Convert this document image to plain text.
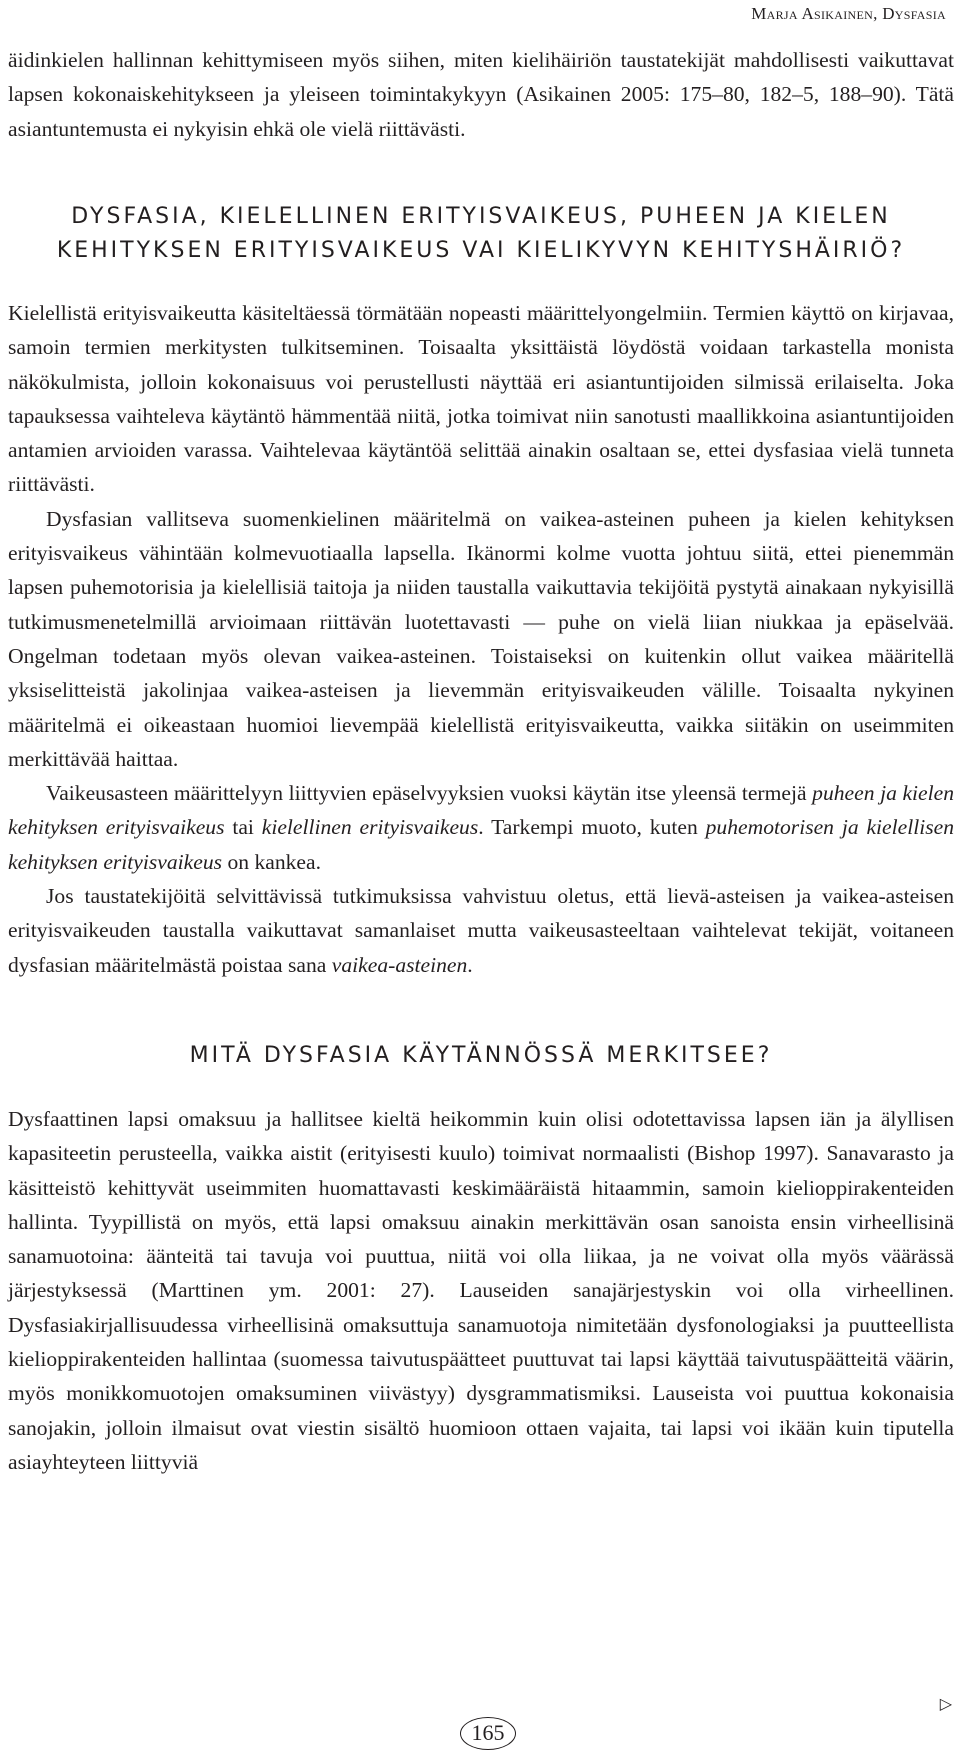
Marja Asikainen, Dysfasia

äidinkielen hallinnan kehittymiseen myös siihen, miten kielihäiriön taustatekijät mahdollisesti vaikuttavat lapsen kokonaiskehitykseen ja yleiseen toimintakykyyn (Asikainen 2005: 175–80, 182–5, 188–90). Tätä asiantuntemusta ei nykyisin ehkä ole vielä riittävästi.

DYSFASIA, KIELELLINEN ERITYISVAIKEUS, PUHEEN JA KIELEN KEHITYKSEN ERITYISVAIKEUS VAI KIELIKYVYN KEHITYSHÄIRIÖ?

Kielellistä erityisvaikeutta käsiteltäessä törmätään nopeasti määrittelyongelmiin. Termien käyttö on kirjavaa, samoin termien merkitysten tulkitseminen. Toisaalta yksittäistä löydöstä voidaan tarkastella monista näkökulmista, jolloin kokonaisuus voi perustellusti näyttää eri asiantuntijoiden silmissä erilaiselta. Joka tapauksessa vaihteleva käytäntö hämmentää niitä, jotka toimivat niin sanotusti maallikkoina asiantuntijoiden antamien arvioiden varassa. Vaihtelevaa käytäntöä selittää ainakin osaltaan se, ettei dysfasiaa vielä tunneta riittävästi.

Dysfasian vallitseva suomenkielinen määritelmä on vaikea-asteinen puheen ja kielen kehityksen erityisvaikeus vähintään kolmevuotiaalla lapsella. Ikänormi kolme vuotta johtuu siitä, ettei pienemmän lapsen puhemotorisia ja kielellisiä taitoja ja niiden taustalla vaikuttavia tekijöitä pystytä ainakaan nykyisillä tutkimusmenetelmillä arvioimaan riittävän luotettavasti — puhe on vielä liian niukkaa ja epäselvää. Ongelman todetaan myös olevan vaikea-asteinen. Toistaiseksi on kuitenkin ollut vaikea määritellä yksiselitteistä jakolinjaa vaikea-asteisen ja lievemmän erityisvaikeuden välille. Toisaalta nykyinen määritelmä ei oikeastaan huomioi lievempää kielellistä erityisvaikeutta, vaikka siitäkin on useimmiten merkittävää haittaa.

Vaikeusasteen määrittelyyn liittyvien epäselvyyksien vuoksi käytän itse yleensä termejä puheen ja kielen kehityksen erityisvaikeus tai kielellinen erityisvaikeus. Tarkempi muoto, kuten puhemotorisen ja kielellisen kehityksen erityisvaikeus on kankea.

Jos taustatekijöitä selvittävissä tutkimuksissa vahvistuu oletus, että lievä-asteisen ja vaikea-asteisen erityisvaikeuden taustalla vaikuttavat samanlaiset mutta vaikeusasteeltaan vaihtelevat tekijät, voitaneen dysfasian määritelmästä poistaa sana vaikea-asteinen.

MITÄ DYSFASIA KÄYTÄNNÖSSÄ MERKITSEE?

Dysfaattinen lapsi omaksuu ja hallitsee kieltä heikommin kuin olisi odotettavissa lapsen iän ja älyllisen kapasiteetin perusteella, vaikka aistit (erityisesti kuulo) toimivat normaalisti (Bishop 1997). Sanavarasto ja käsitteistö kehittyvät useimmiten huomattavasti keskimääräistä hitaammin, samoin kielioppirakenteiden hallinta. Tyypillistä on myös, että lapsi omaksuu ainakin merkittävän osan sanoista ensin virheellisinä sanamuotoina: äänteitä tai tavuja voi puuttua, niitä voi olla liikaa, ja ne voivat olla myös väärässä järjestyksessä (Marttinen ym. 2001: 27). Lauseiden sanajärjestyskin voi olla virheellinen. Dysfasiakirjallisuudessa virheellisinä omaksuttuja sanamuotoja nimitetään dysfonologiaksi ja puutteellista kielioppirakenteiden hallintaa (suomessa taivutuspäätteet puuttuvat tai lapsi käyttää taivutuspäätteitä väärin, myös monikkomuotojen omaksuminen viivästyy) dysgrammatismiksi. Lauseista voi puuttua kokonaisia sanojakin, jolloin ilmaisut ovat viestin sisältö huomioon ottaen vajaita, tai lapsi voi ikään kuin tiputella asiayhteyteen liittyviä

▷
165
